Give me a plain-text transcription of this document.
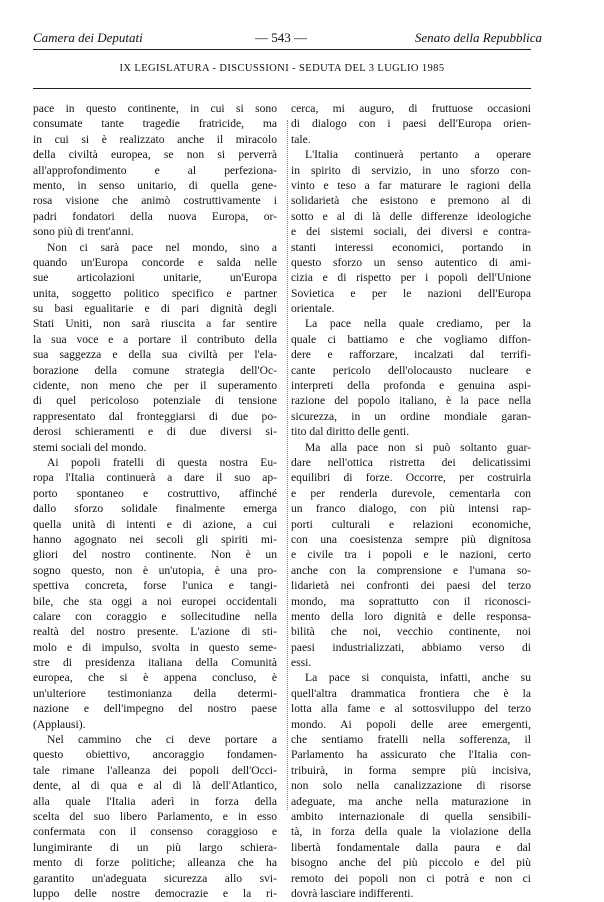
Camera dei Deputati	— 543 —	Senato della Repubblica
IX LEGISLATURA - DISCUSSIONI - SEDUTA DEL 3 LUGLIO 1985
pace in questo continente, in cui si sono
consumate tante tragedie fratricide, ma
in cui si è realizzato anche il miracolo
della civiltà europea, se non si perverrà
all'approfondimento e al perfeziona-
mento, in senso unitario, di quella gene-
rosa visione che animò costruttivamente i
padri fondatori della nuova Europa, or-
sono più di trent'anni.
Non ci sarà pace nel mondo, sino a
quando un'Europa concorde e salda nelle
sue articolazioni unitarie, un'Europa
unita, soggetto politico specifico e partner
su basi egualitarie e di pari dignità degli
Stati Uniti, non sarà riuscita a far sentire
la sua voce e a portare il contributo della
sua saggezza e della sua civiltà per l'ela-
borazione della comune strategia dell'Oc-
cidente, non meno che per il superamento
di quel pericoloso potenziale di tensione
rappresentato dal fronteggiarsi di due po-
derosi schieramenti e di due diversi si-
stemi sociali del mondo.
Ai popoli fratelli di questa nostra Eu-
ropa l'Italia continuerà a dare il suo ap-
porto spontaneo e costruttivo, affinché
dallo sforzo solidale finalmente emerga
quella unità di intenti e di azione, a cui
hanno agognato nei secoli gli spiriti mi-
gliori del nostro continente. Non è un
sogno questo, non è un'utopia, è una pro-
spettiva concreta, forse l'unica e tangi-
bile, che sta oggi a noi europei occidentali
calare con coraggio e sollecitudine nella
realtà del nostro presente. L'azione di sti-
molo e di impulso, svolta in questo seme-
stre di presidenza italiana della Comunità
europea, che si è appena concluso, è
un'ulteriore testimonianza della determi-
nazione e dell'impegno del nostro paese
(Applausi).
Nel cammino che ci deve portare a
questo obiettivo, ancoraggio fondamen-
tale rimane l'alleanza dei popoli dell'Occi-
dente, al di qua e al di là dell'Atlantico,
alla quale l'Italia aderì in forza della
scelta del suo libero Parlamento, e in esso
confermata con il consenso coraggioso e
lungimirante di un più largo schiera-
mento di forze politiche; alleanza che ha
garantito un'adeguata sicurezza allo svi-
luppo delle nostre democrazie e la ri-
cerca, mi auguro, di fruttuose occasioni
di dialogo con i paesi dell'Europa orien-
tale.
L'Italia continuerà pertanto a operare
in spirito di servizio, in uno sforzo con-
vinto e teso a far maturare le ragioni della
solidarietà che esistono e premono al di
sotto e al di là delle differenze ideologiche
e dei sistemi sociali, dei diversi e contra-
stanti interessi economici, portando in
questo sforzo un senso autentico di ami-
cizia e di rispetto per i popoli dell'Unione
Sovietica e per le nazioni dell'Europa
orientale.
La pace nella quale crediamo, per la
quale ci battiamo e che vogliamo diffon-
dere e rafforzare, incalzati dal terrifi-
cante pericolo dell'olocausto nucleare e
interpreti della profonda e genuina aspi-
razione del popolo italiano, è la pace nella
sicurezza, in un ordine mondiale garan-
tito dal diritto delle genti.
Ma alla pace non si può soltanto guar-
dare nell'ottica ristretta dei delicatissimi
equilibri di forze. Occorre, per costruirla
e per renderla durevole, cementarla con
un franco dialogo, con più intensi rap-
porti culturali e relazioni economiche,
con una coesistenza sempre più dignitosa
e civile tra i popoli e le nazioni, certo
anche con la comprensione e l'umana so-
lidarietà nei confronti dei paesi del terzo
mondo, ma soprattutto con il riconosci-
mento della loro dignità e delle responsa-
bilità che noi, vecchio continente, noi
paesi industrializzati, abbiamo verso di
essi.
La pace si conquista, infatti, anche su
quell'altra drammatica frontiera che è la
lotta alla fame e al sottosviluppo del terzo
mondo. Ai popoli delle aree emergenti,
che sentiamo fratelli nella sofferenza, il
Parlamento ha assicurato che l'Italia con-
tribuirà, in forma sempre più incisiva,
non solo nella canalizzazione di risorse
adeguate, ma anche nella maturazione in
ambito internazionale di quella sensibili-
tà, in forza della quale la violazione della
libertà fondamentale dalla paura e dal
bisogno anche del più piccolo e del più
remoto dei popoli non ci potrà e non ci
dovrà lasciare indifferenti.
